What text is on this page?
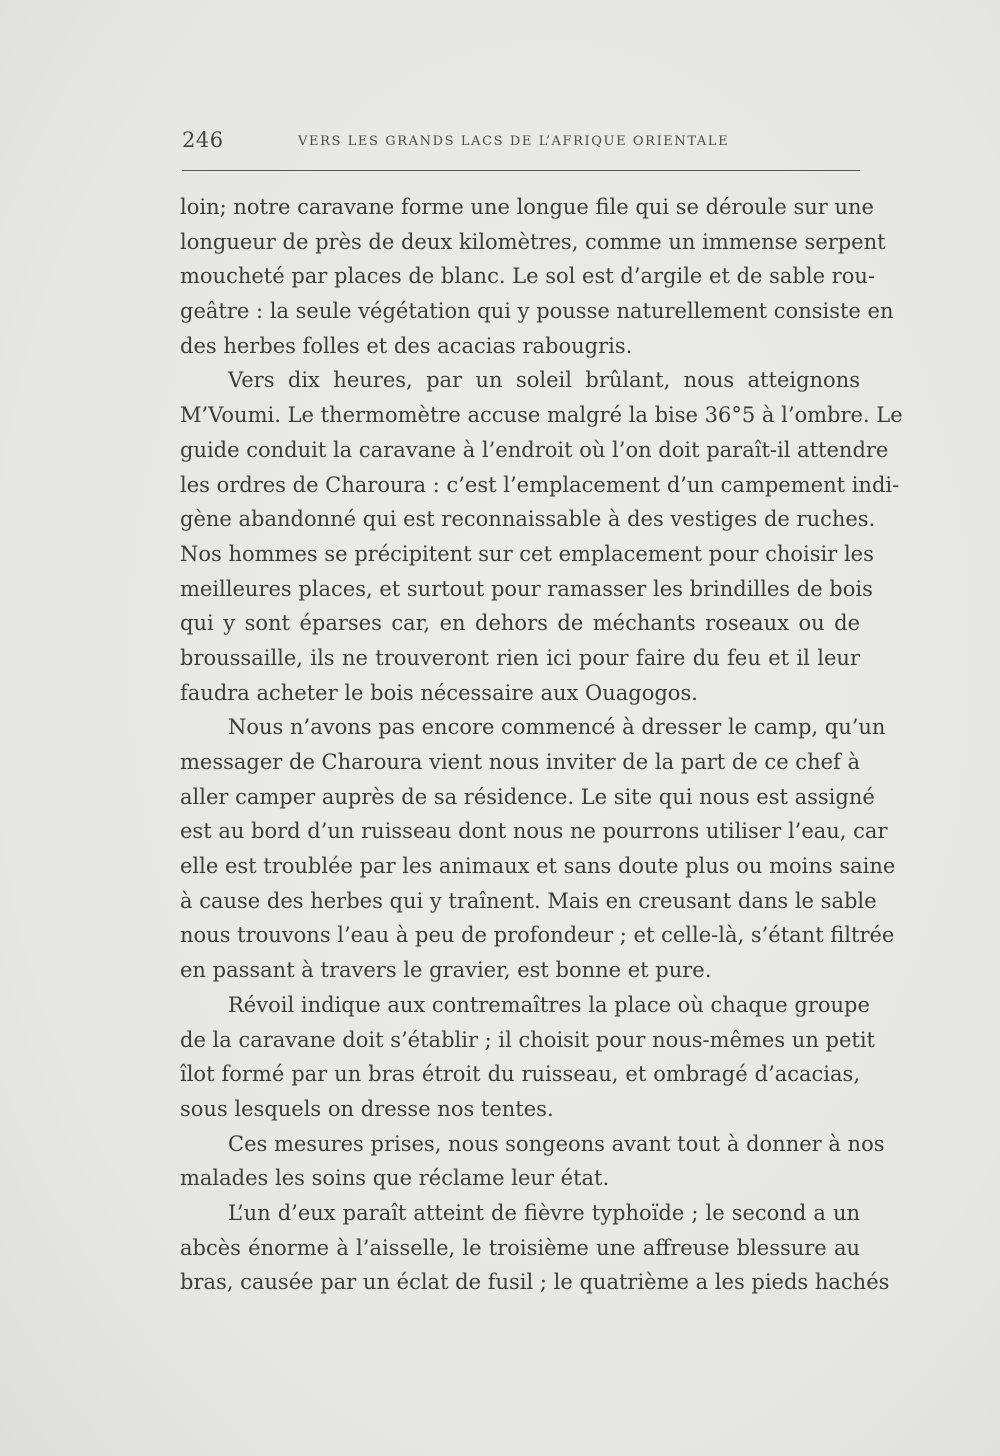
246	VERS LES GRANDS LACS DE L’AFRIQUE ORIENTALE
loin; notre caravane forme une longue file qui se déroule sur une
longueur de près de deux kilomètres, comme un immense serpent
moucheté par places de blanc. Le sol est d’argile et de sable rou-
geâtre : la seule végétation qui y pousse naturellement consiste en
des herbes folles et des acacias rabougris.
Vers dix heures, par un soleil brûlant, nous atteignons
M’Voumi. Le thermomètre accuse malgré la bise 36°5 à l’ombre. Le
guide conduit la caravane à l’endroit où l’on doit paraît-il attendre
les ordres de Charoura : c’est l’emplacement d’un campement indi-
gène abandonné qui est reconnaissable à des vestiges de ruches.
Nos hommes se précipitent sur cet emplacement pour choisir les
meilleures places, et surtout pour ramasser les brindilles de bois
qui y sont éparses car, en dehors de méchants roseaux ou de
broussaille, ils ne trouveront rien ici pour faire du feu et il leur
faudra acheter le bois nécessaire aux Ouagogos.
Nous n’avons pas encore commencé à dresser le camp, qu’un
messager de Charoura vient nous inviter de la part de ce chef à
aller camper auprès de sa résidence. Le site qui nous est assigné
est au bord d’un ruisseau dont nous ne pourrons utiliser l’eau, car
elle est troublée par les animaux et sans doute plus ou moins saine
à cause des herbes qui y traînent. Mais en creusant dans le sable
nous trouvons l’eau à peu de profondeur ; et celle-là, s’étant filtrée
en passant à travers le gravier, est bonne et pure.
Révoil indique aux contremaîtres la place où chaque groupe
de la caravane doit s’établir ; il choisit pour nous-mêmes un petit
îlot formé par un bras étroit du ruisseau, et ombragé d’acacias,
sous lesquels on dresse nos tentes.
Ces mesures prises, nous songeons avant tout à donner à nos
malades les soins que réclame leur état.
L’un d’eux paraît atteint de fièvre typhoïde ; le second a un
abcès énorme à l’aisselle, le troisième une affreuse blessure au
bras, causée par un éclat de fusil ; le quatrième a les pieds hachés
